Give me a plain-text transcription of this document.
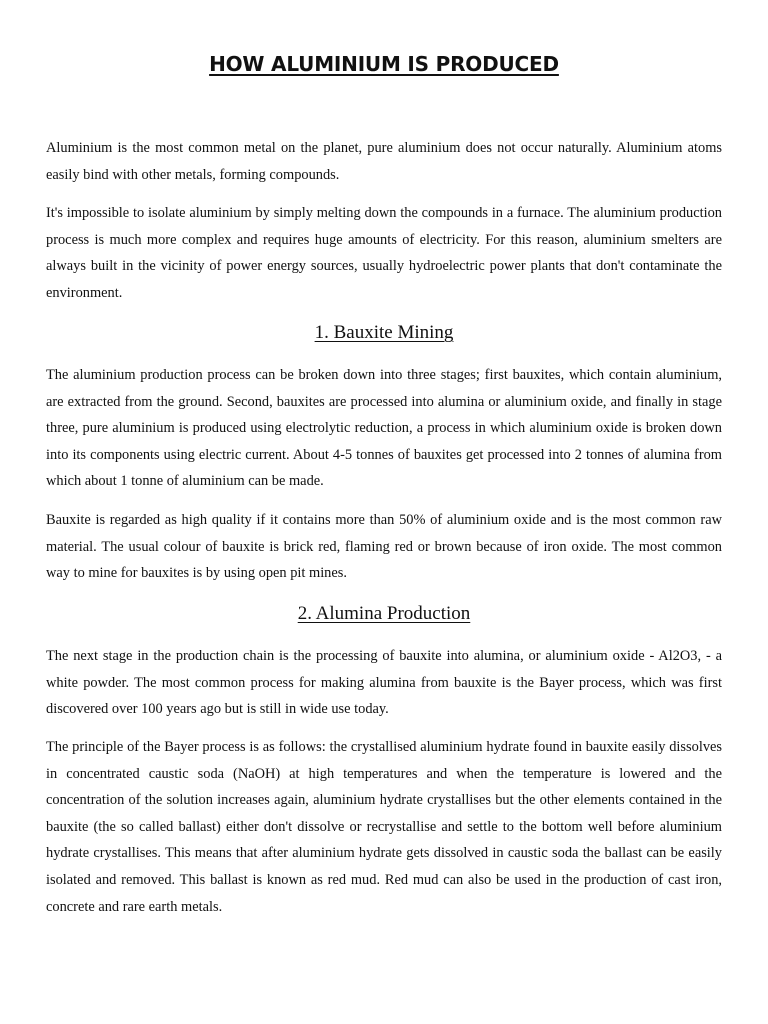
HOW ALUMINIUM IS PRODUCED

Aluminium is the most common metal on the planet, pure aluminium does not occur naturally. Aluminium atoms easily bind with other metals, forming compounds.

It's impossible to isolate aluminium by simply melting down the compounds in a furnace. The aluminium production process is much more complex and requires huge amounts of electricity. For this reason, aluminium smelters are always built in the vicinity of power energy sources, usually hydroelectric power plants that don't contaminate the environment.

1. Bauxite Mining

The aluminium production process can be broken down into three stages; first bauxites, which contain aluminium, are extracted from the ground. Second, bauxites are processed into alumina or aluminium oxide, and finally in stage three, pure aluminium is produced using electrolytic reduction, a process in which aluminium oxide is broken down into its components using electric current. About 4-5 tonnes of bauxites get processed into 2 tonnes of alumina from which about 1 tonne of aluminium can be made.

Bauxite is regarded as high quality if it contains more than 50% of aluminium oxide and is the most common raw material. The usual colour of bauxite is brick red, flaming red or brown because of iron oxide. The most common way to mine for bauxites is by using open pit mines.

2. Alumina Production

The next stage in the production chain is the processing of bauxite into alumina, or aluminium oxide - Al2O3, - a white powder. The most common process for making alumina from bauxite is the Bayer process, which was first discovered over 100 years ago but is still in wide use today.

The principle of the Bayer process is as follows: the crystallised aluminium hydrate found in bauxite easily dissolves in concentrated caustic soda (NaOH) at high temperatures and when the temperature is lowered and the concentration of the solution increases again, aluminium hydrate crystallises but the other elements contained in the bauxite (the so called ballast) either don't dissolve or recrystallise and settle to the bottom well before aluminium hydrate crystallises. This means that after aluminium hydrate gets dissolved in caustic soda the ballast can be easily isolated and removed. This ballast is known as red mud. Red mud can also be used in the production of cast iron, concrete and rare earth metals.
